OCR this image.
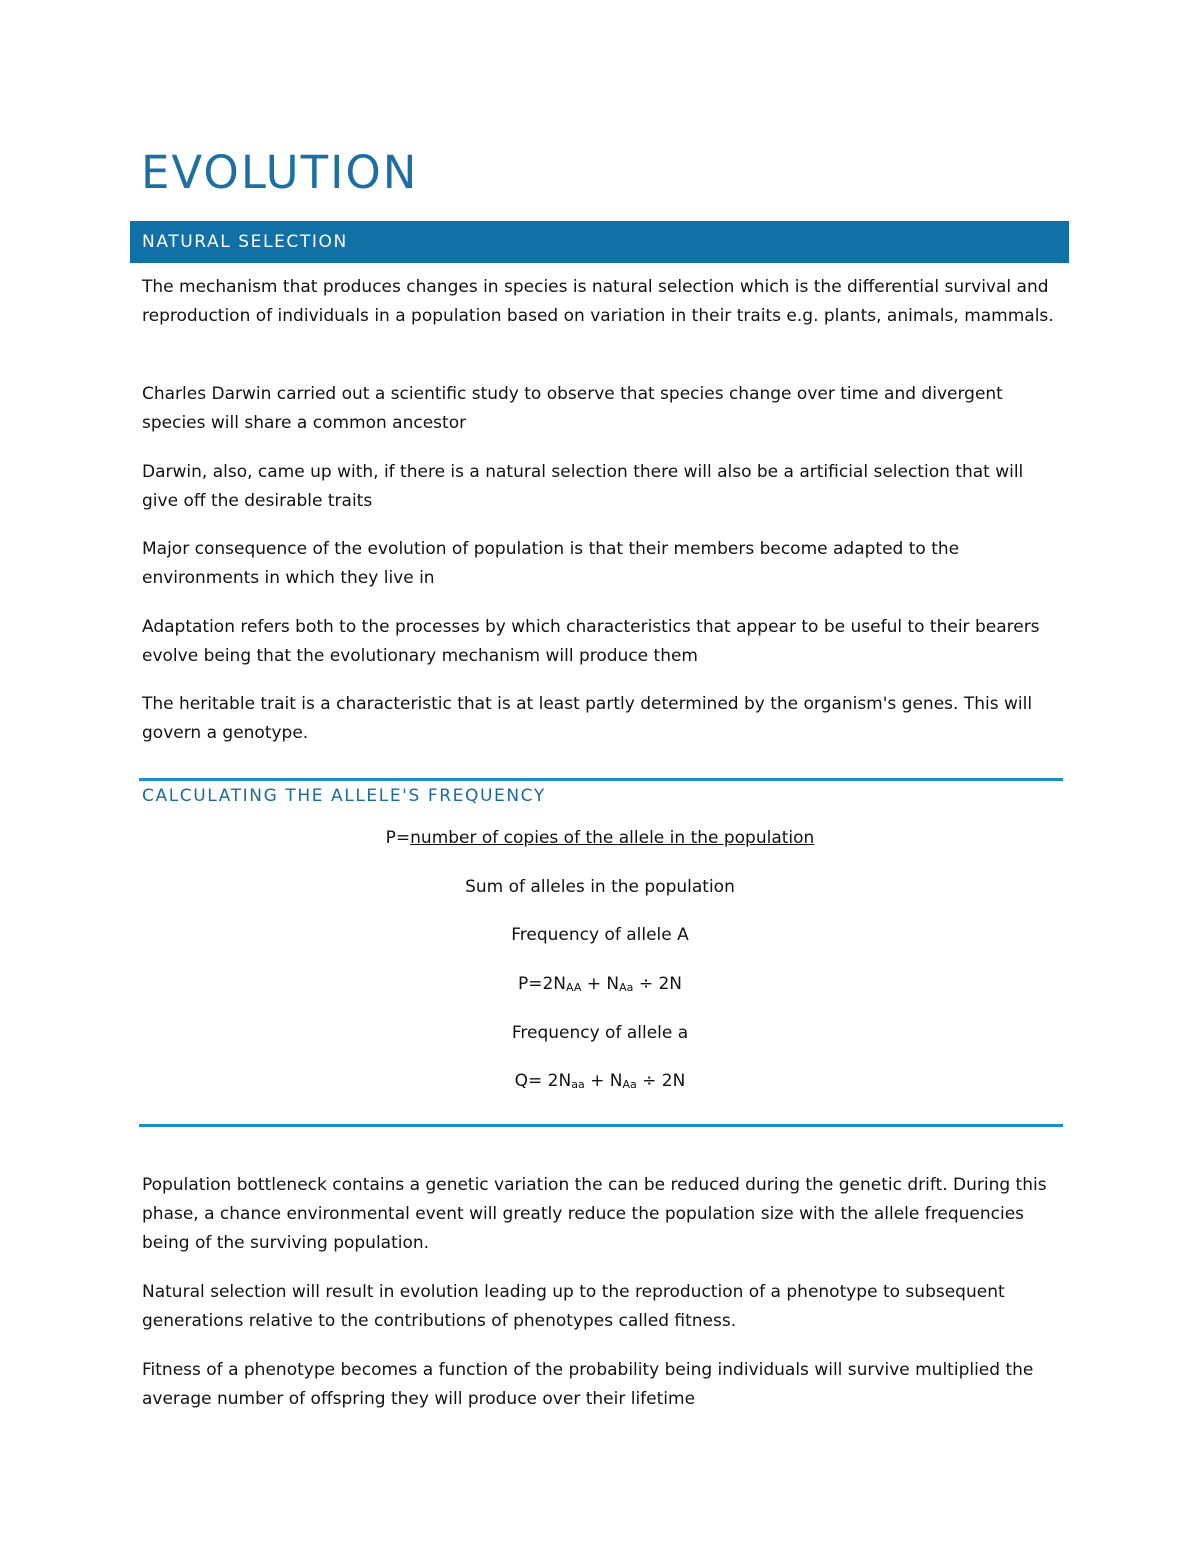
EVOLUTION
NATURAL SELECTION

The mechanism that produces changes in species is natural selection which is the differential survival and reproduction of individuals in a population based on variation in their traits e.g. plants, animals, mammals.

Charles Darwin carried out a scientific study to observe that species change over time and divergent species will share a common ancestor

Darwin, also, came up with, if there is a natural selection there will also be a artificial selection that will give off the desirable traits

Major consequence of the evolution of population is that their members become adapted to the environments in which they live in

Adaptation refers both to the processes by which characteristics that appear to be useful to their bearers evolve being that the evolutionary mechanism will produce them

The heritable trait is a characteristic that is at least partly determined by the organism's genes. This will govern a genotype.

CALCULATING THE ALLELE'S FREQUENCY
P=number of copies of the allele in the population
Sum of alleles in the population
Frequency of allele A
$P=2N_{AA} + N_{Aa} \div 2N$
Frequency of allele a
$Q= 2N_{aa} + N_{Aa} \div 2N$

Population bottleneck contains a genetic variation the can be reduced during the genetic drift. During this phase, a chance environmental event will greatly reduce the population size with the allele frequencies being of the surviving population.

Natural selection will result in evolution leading up to the reproduction of a phenotype to subsequent generations relative to the contributions of phenotypes called fitness.

Fitness of a phenotype becomes a function of the probability being individuals will survive multiplied the average number of offspring they will produce over their lifetime
